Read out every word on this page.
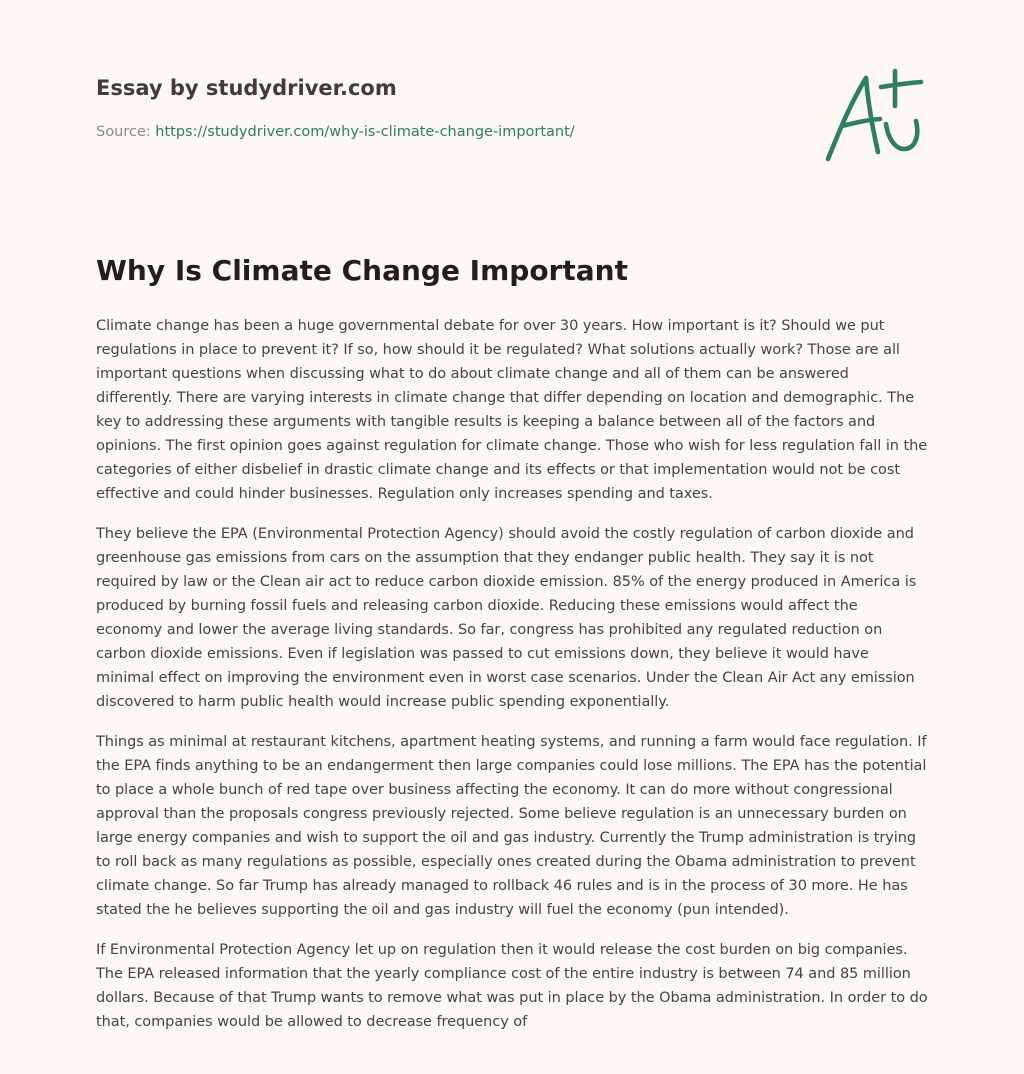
Essay by studydriver.com
Source: https://studydriver.com/why-is-climate-change-important/
Why Is Climate Change Important

Climate change has been a huge governmental debate for over 30 years. How important is it? Should we put regulations in place to prevent it? If so, how should it be regulated? What solutions actually work? Those are all important questions when discussing what to do about climate change and all of them can be answered differently. There are varying interests in climate change that differ depending on location and demographic. The key to addressing these arguments with tangible results is keeping a balance between all of the factors and opinions. The first opinion goes against regulation for climate change. Those who wish for less regulation fall in the categories of either disbelief in drastic climate change and its effects or that implementation would not be cost effective and could hinder businesses. Regulation only increases spending and taxes.

They believe the EPA (Environmental Protection Agency) should avoid the costly regulation of carbon dioxide and greenhouse gas emissions from cars on the assumption that they endanger public health. They say it is not required by law or the Clean air act to reduce carbon dioxide emission. 85% of the energy produced in America is produced by burning fossil fuels and releasing carbon dioxide. Reducing these emissions would affect the economy and lower the average living standards. So far, congress has prohibited any regulated reduction on carbon dioxide emissions. Even if legislation was passed to cut emissions down, they believe it would have minimal effect on improving the environment even in worst case scenarios. Under the Clean Air Act any emission discovered to harm public health would increase public spending exponentially.

Things as minimal at restaurant kitchens, apartment heating systems, and running a farm would face regulation. If the EPA finds anything to be an endangerment then large companies could lose millions. The EPA has the potential to place a whole bunch of red tape over business affecting the economy. It can do more without congressional approval than the proposals congress previously rejected. Some believe regulation is an unnecessary burden on large energy companies and wish to support the oil and gas industry. Currently the Trump administration is trying to roll back as many regulations as possible, especially ones created during the Obama administration to prevent climate change. So far Trump has already managed to rollback 46 rules and is in the process of 30 more. He has stated the he believes supporting the oil and gas industry will fuel the economy (pun intended).

If Environmental Protection Agency let up on regulation then it would release the cost burden on big companies. The EPA released information that the yearly compliance cost of the entire industry is between 74 and 85 million dollars. Because of that Trump wants to remove what was put in place by the Obama administration. In order to do that, companies would be allowed to decrease frequency of
